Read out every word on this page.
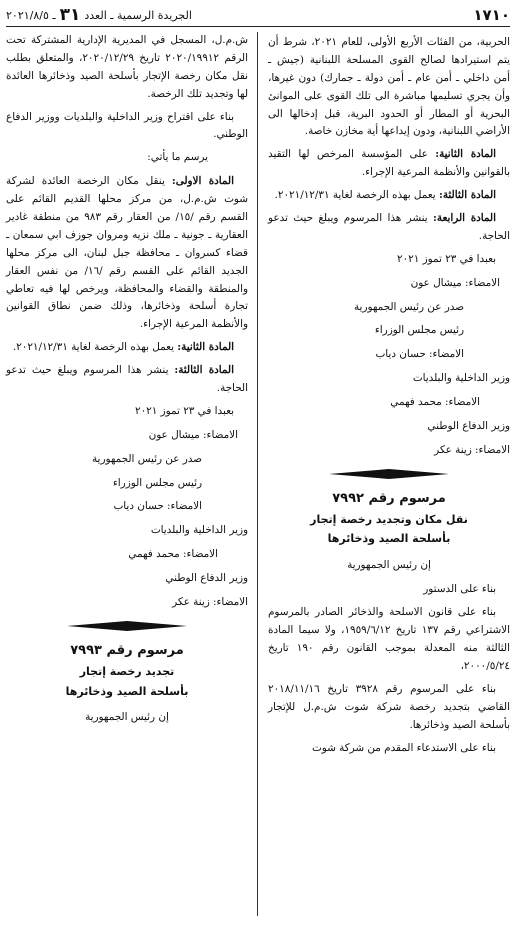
١٧١٠
الجريدة الرسمية ـ العدد
٣١
ـ ٢٠٢١/٨/٥

الحربية، من الفئات الأربع الأولى، للعام ٢٠٢١، شرط أن يتم استيرادها لصالح القوى المسلحة اللبنانية (جيش ـ أمن داخلي ـ أمن عام ـ أمن دولة ـ جمارك) دون غيرها، وأن يجري تسليمها مباشرة الى تلك القوى على الموانئ البحرية أو المطار أو الحدود البرية، قبل إدخالها الى الأراضي اللبنانية، ودون إيداعها أية مخازن خاصة.

المادة الثانية: على المؤسسة المرخص لها التقيد بالقوانين والأنظمة المرعية الإجراء.

المادة الثالثة: يعمل بهذه الرخصة لغاية ٢٠٢١/١٢/٣١.

المادة الرابعة: ينشر هذا المرسوم ويبلغ حيث تدعو الحاجة.

بعبدا في ٢٣ تموز ٢٠٢١
الامضاء: ميشال عون
صدر عن رئيس الجمهورية
رئيس مجلس الوزراء
الامضاء: حسان دياب
وزير الداخلية والبلديات
الامضاء: محمد فهمي
وزير الدفاع الوطني
الامضاء: زينة عكر
مرسوم رقم ٧٩٩٢
نقل مكان وتجديد رخصة إتجار
بأسلحة الصيد وذخائرها
إن رئيس الجمهورية
بناء على الدستور

بناء على قانون الاسلحة والذخائر الصادر بالمرسوم الاشتراعي رقم ١٣٧ تاريخ ١٩٥٩/٦/١٢، ولا سيما المادة الثالثة منه المعدلة بموجب القانون رقم ١٩٠ تاريخ ٢٠٠٠/٥/٢٤،

بناء على المرسوم رقم ٣٩٢٨ تاريخ ٢٠١٨/١١/١٦ القاضي بتجديد رخصة شركة شوت ش.م.ل للإتجار بأسلحة الصيد وذخائرها.

بناء على الاستدعاء المقدم من شركة شوت

ش.م.ل، المسجل في المديرية الإدارية المشتركة تحت الرقم ٢٠٢٠/١٩٩١٢ تاريخ ٢٠٢٠/١٢/٢٩، والمتعلق بطلب نقل مكان رخصة الإتجار بأسلحة الصيد وذخائرها العائدة لها وتجديد تلك الرخصة.

بناء على اقتراح وزير الداخلية والبلديات ووزير الدفاع الوطني.

يرسم ما يأتي:

المادة الاولى: ينقل مكان الرخصة العائدة لشركة شوت ش.م.ل، من مركز محلها القديم القائم على القسم رقم /١٥/ من العقار رقم ٩٨٣ من منطقة غادير العقارية ـ جونية ـ ملك نزيه ومروان جوزف ابي سمعان ـ قضاء كسروان ـ محافظة جبل لبنان، الى مركز محلها الجديد القائم على القسم رقم /١٦/ من نفس العقار والمنطقة والقضاء والمحافظة، ويرخص لها فيه تعاطي تجارة أسلحة وذخائرها، وذلك ضمن نطاق القوانين والأنظمة المرعية الإجراء.

المادة الثانية: يعمل بهذه الرخصة لغاية ٢٠٢١/١٢/٣١.

المادة الثالثة: ينشر هذا المرسوم ويبلغ حيث تدعو الحاجة.

بعبدا في ٢٣ تموز ٢٠٢١
الامضاء: ميشال عون
صدر عن رئيس الجمهورية
رئيس مجلس الوزراء
الامضاء: حسان دياب
وزير الداخلية والبلديات
الامضاء: محمد فهمي
وزير الدفاع الوطني
الامضاء: زينة عكر
مرسوم رقم ٧٩٩٣
تجديد رخصة إتجار
بأسلحة الصيد وذخائرها
إن رئيس الجمهورية
